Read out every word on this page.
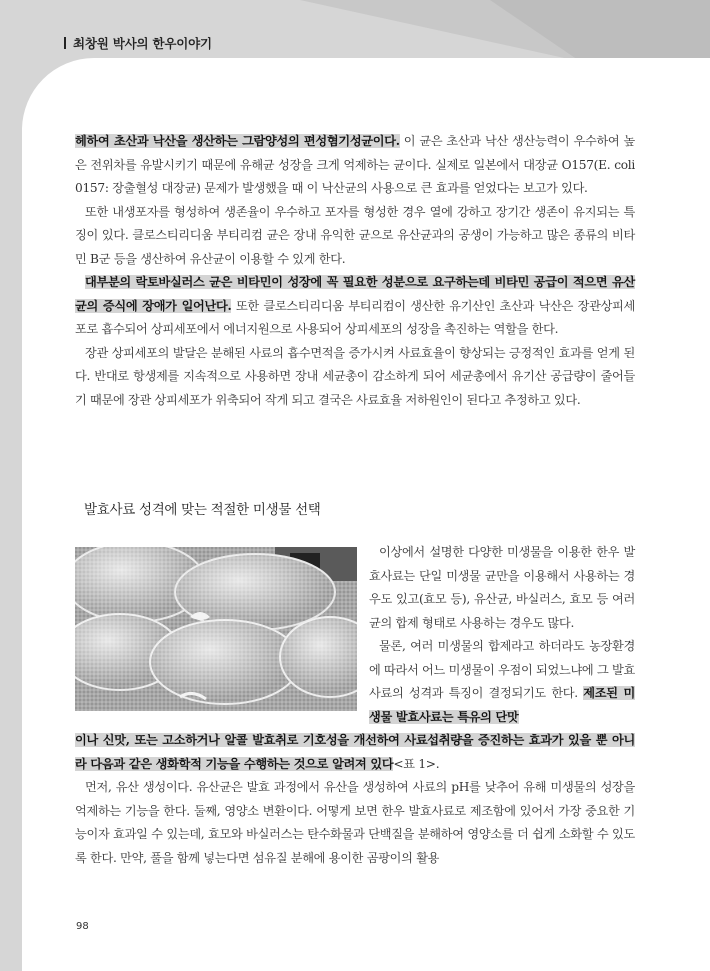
최창원 박사의 한우이야기

헤하여 초산과 낙산을 생산하는 그람양성의 편성혐기성균이다. 이 균은 초산과 낙산 생산능력이 우수하여 높은 전위차를 유발시키기 때문에 유해균 성장을 크게 억제하는 균이다. 실제로 일본에서 대장균 O157(E. coli 0157: 장출혈성 대장균) 문제가 발생했을 때 이 낙산균의 사용으로 큰 효과를 얻었다는 보고가 있다.

또한 내생포자를 형성하여 생존율이 우수하고 포자를 형성한 경우 열에 강하고 장기간 생존이 유지되는 특징이 있다. 클로스티리디움 부티리컴 균은 장내 유익한 균으로 유산균과의 공생이 가능하고 많은 종류의 비타민 B군 등을 생산하여 유산균이 이용할 수 있게 한다.

대부분의 락토바실러스 균은 비타민이 성장에 꼭 필요한 성분으로 요구하는데 비타민 공급이 적으면 유산균의 증식에 장애가 일어난다. 또한 클로스티리디움 부티리컴이 생산한 유기산인 초산과 낙산은 장관상피세포로 흡수되어 상피세포에서 에너지원으로 사용되어 상피세포의 성장을 촉진하는 역할을 한다.

장관 상피세포의 발달은 분해된 사료의 흡수면적을 증가시켜 사료효율이 향상되는 긍정적인 효과를 얻게 된다. 반대로 항생제를 지속적으로 사용하면 장내 세균총이 감소하게 되어 세균총에서 유기산 공급량이 줄어들기 때문에 장관 상피세포가 위축되어 작게 되고 결국은 사료효율 저하원인이 된다고 추정하고 있다.

발효사료 성격에 맞는 적절한 미생물 선택

이상에서 설명한 다양한 미생물을 이용한 한우 발효사료는 단일 미생물 균만을 이용해서 사용하는 경우도 있고(효모 등), 유산균, 바실러스, 효모 등 여러 균의 합제 형태로 사용하는 경우도 많다.

물론, 여러 미생물의 합제라고 하더라도 농장환경에 따라서 어느 미생물이 우점이 되었느냐에 그 발효사료의 성격과 특징이 결정되기도 한다. 제조된 미생물 발효사료는 특유의 단맛

이나 신맛, 또는 고소하거나 알콜 발효취로 기호성을 개선하여 사료섭취량을 증진하는 효과가 있을 뿐 아니라 다음과 같은 생화학적 기능을 수행하는 것으로 알려져 있다<표 1>.

먼저, 유산 생성이다. 유산균은 발효 과정에서 유산을 생성하여 사료의 pH를 낮추어 유해 미생물의 성장을 억제하는 기능을 한다. 둘째, 영양소 변환이다. 어떻게 보면 한우 발효사료로 제조함에 있어서 가장 중요한 기능이자 효과일 수 있는데, 효모와 바실러스는 탄수화물과 단백질을 분해하여 영양소를 더 쉽게 소화할 수 있도록 한다. 만약, 풀을 함께 넣는다면 섬유질 분해에 용이한 곰팡이의 활용

98
